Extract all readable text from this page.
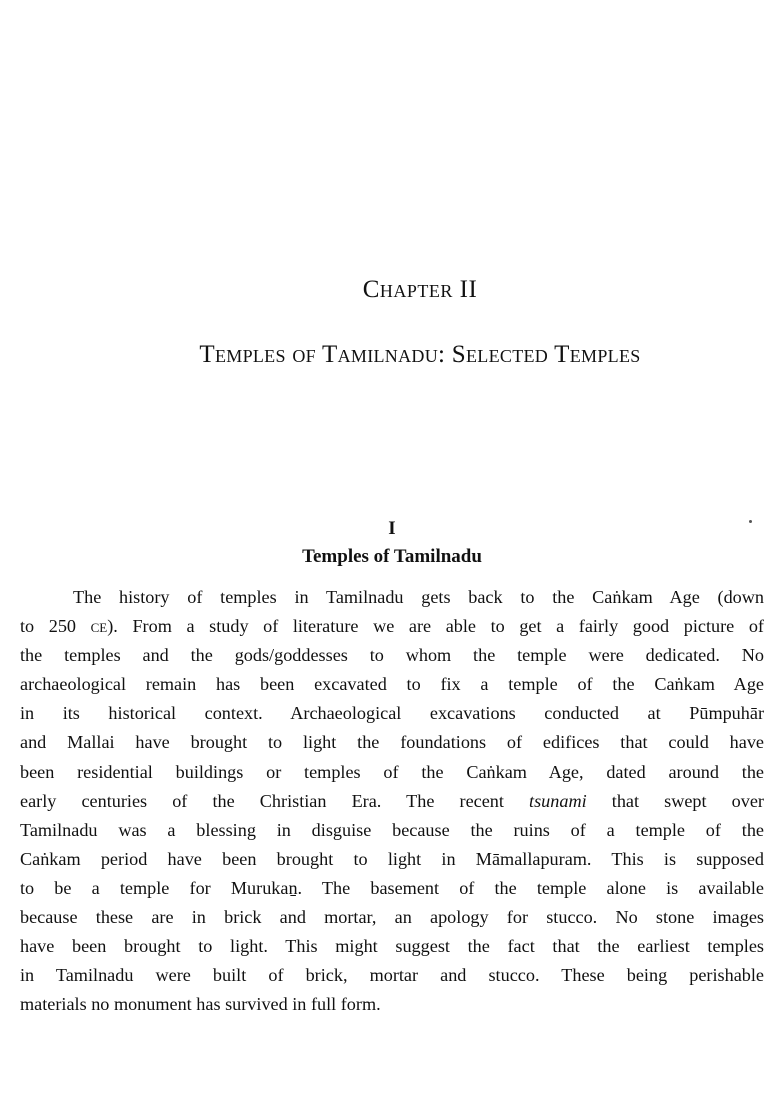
Chapter II
Temples of Tamilnadu: Selected Temples
I
Temples of Tamilnadu
The history of temples in Tamilnadu gets back to the Caṅkam Age (down
to 250 ce). From a study of literature we are able to get a fairly good picture of
the temples and the gods/goddesses to whom the temple were dedicated. No
archaeological remain has been excavated to fix a temple of the Caṅkam Age
in its historical context. Archaeological excavations conducted at Pūmpuhār
and Mallai have brought to light the foundations of edifices that could have
been residential buildings or temples of the Caṅkam Age, dated around the
early centuries of the Christian Era. The recent tsunami that swept over
Tamilnadu was a blessing in disguise because the ruins of a temple of the
Caṅkam period have been brought to light in Māmallapuram. This is supposed
to be a temple for Murukaṉ. The basement of the temple alone is available
because these are in brick and mortar, an apology for stucco. No stone images
have been brought to light. This might suggest the fact that the earliest temples
in Tamilnadu were built of brick, mortar and stucco. These being perishable
materials no monument has survived in full form.
